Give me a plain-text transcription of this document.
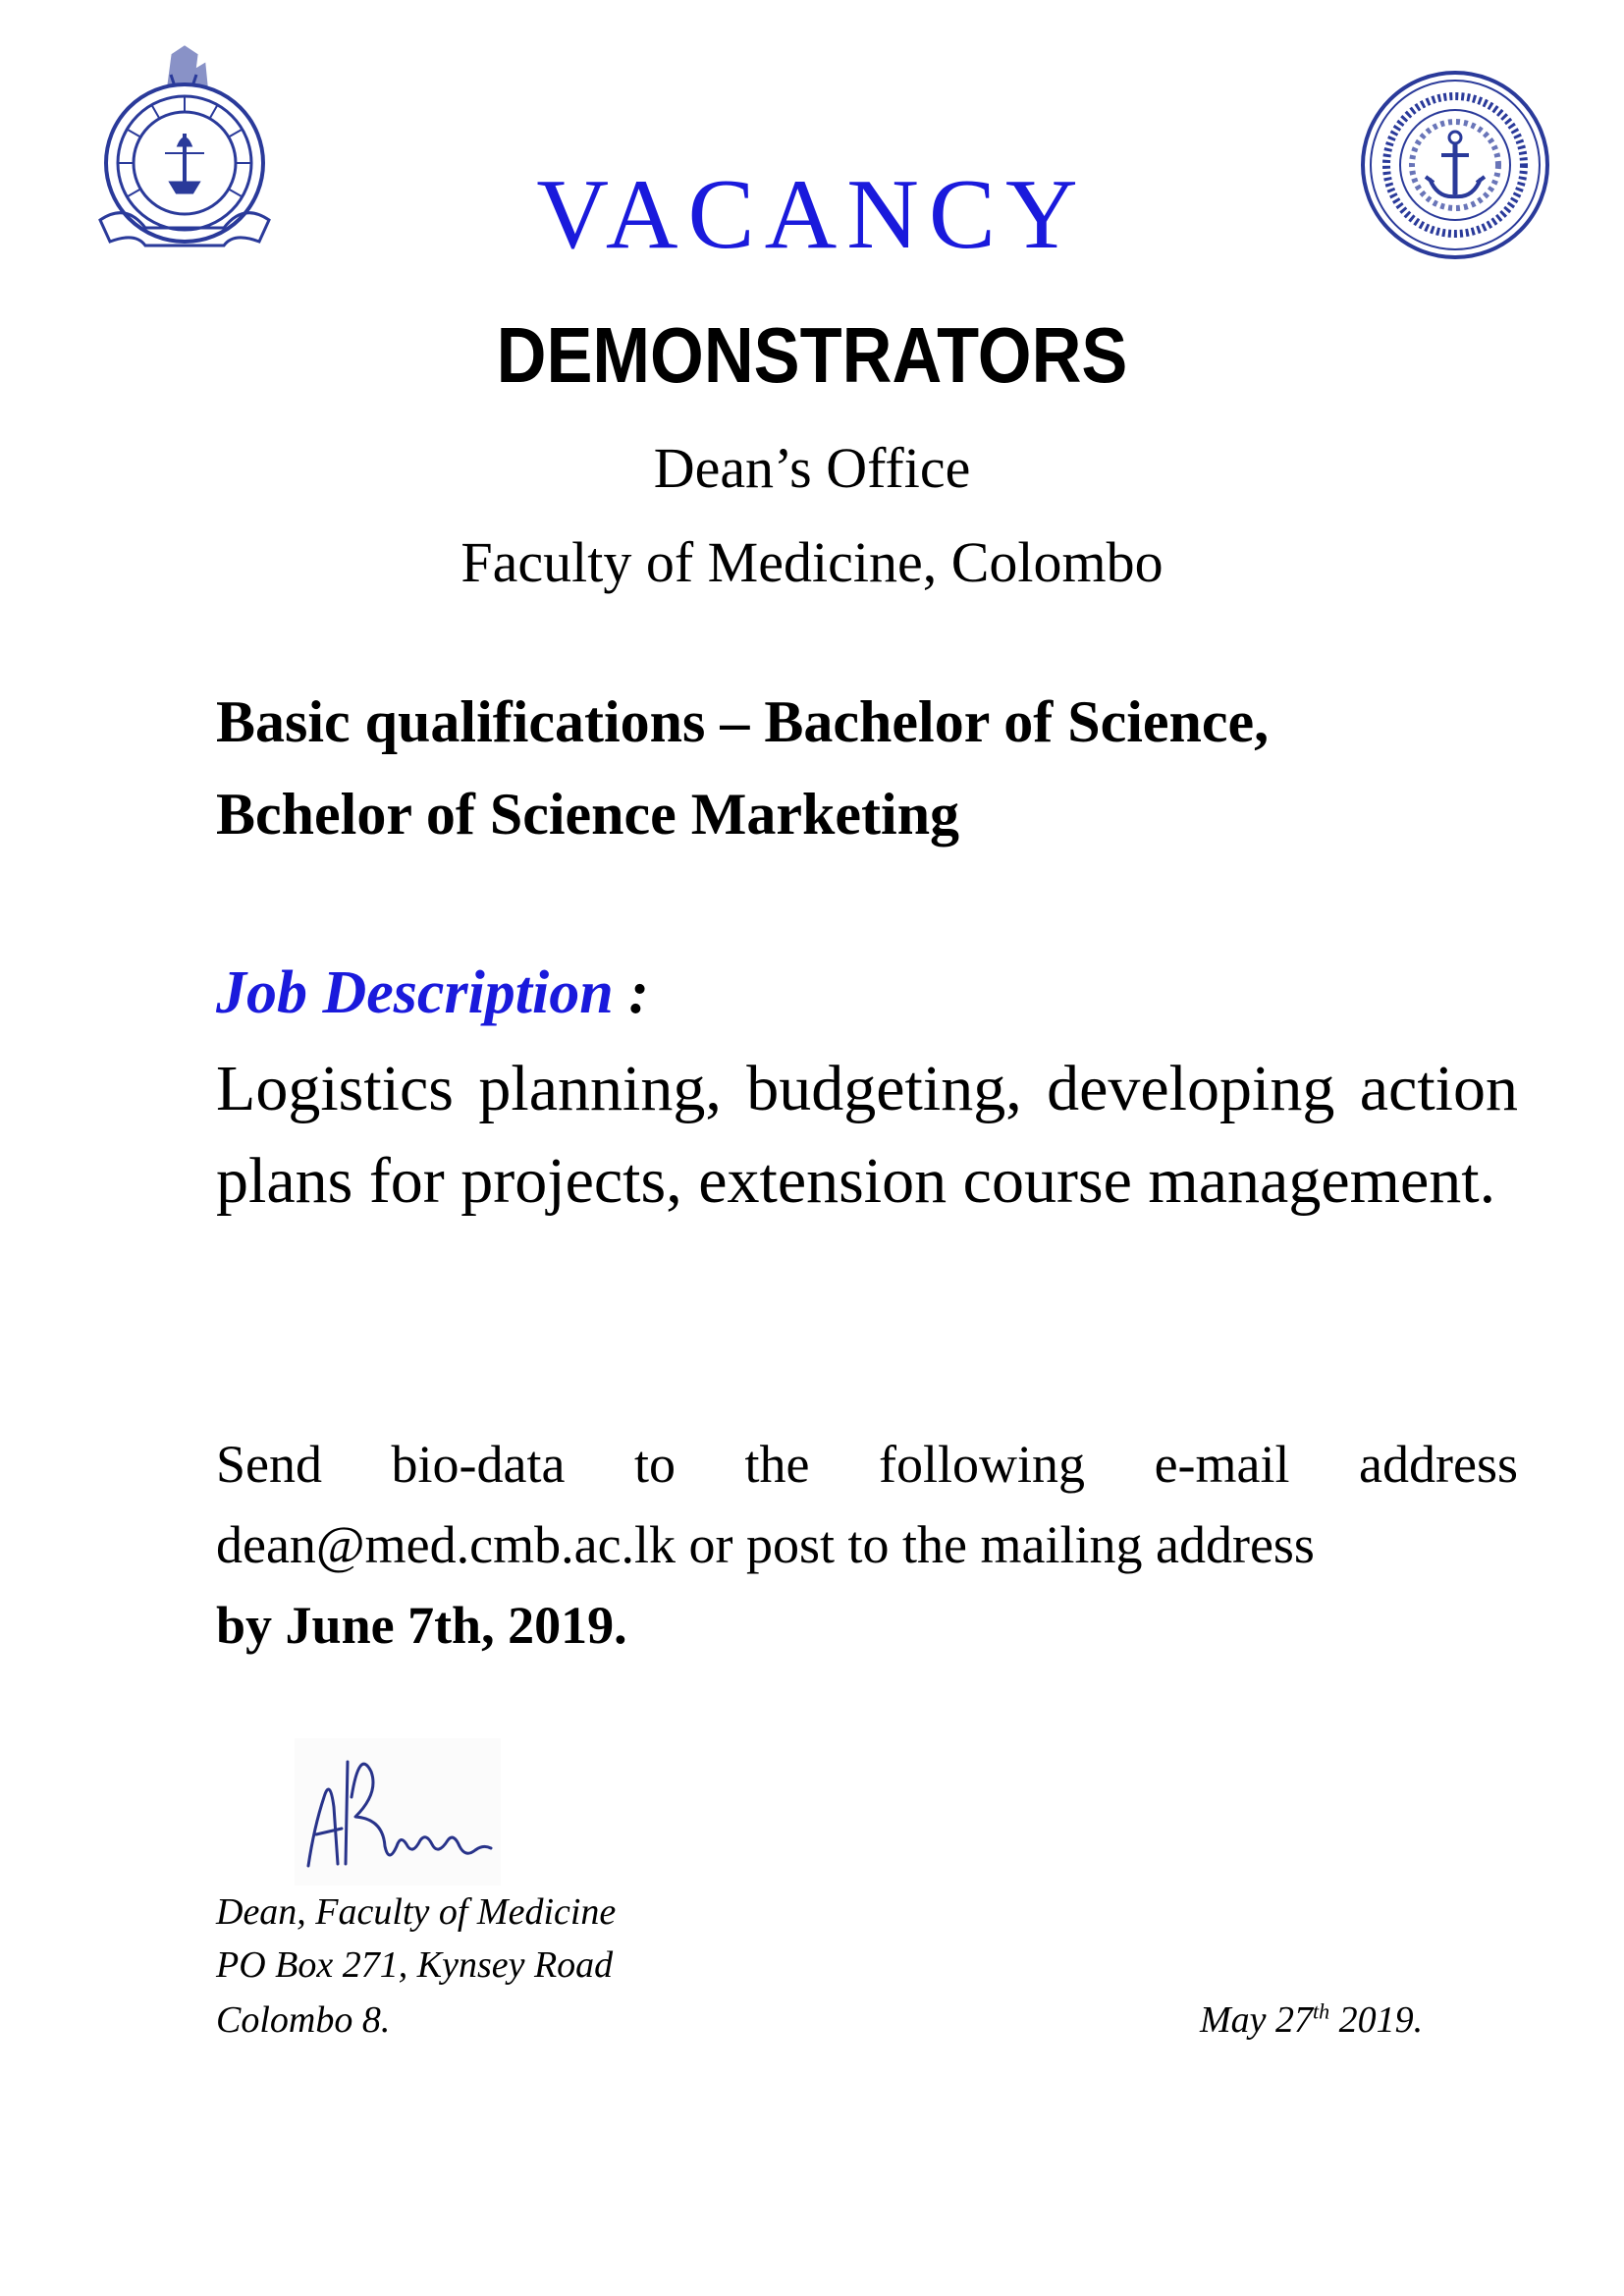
VACANCY
DEMONSTRATORS
Dean’s Office
Faculty of Medicine, Colombo
Basic qualifications – Bachelor of Science,
Bchelor of Science Marketing
Job Description :
Logistics planning, budgeting, developing action plans for projects, extension course management.
Send bio-data to the following e-mail address dean@med.cmb.ac.lk or post to the mailing address
by June 7th, 2019.
Dean, Faculty of Medicine
PO Box 271, Kynsey Road
Colombo 8.	May 27th 2019.
